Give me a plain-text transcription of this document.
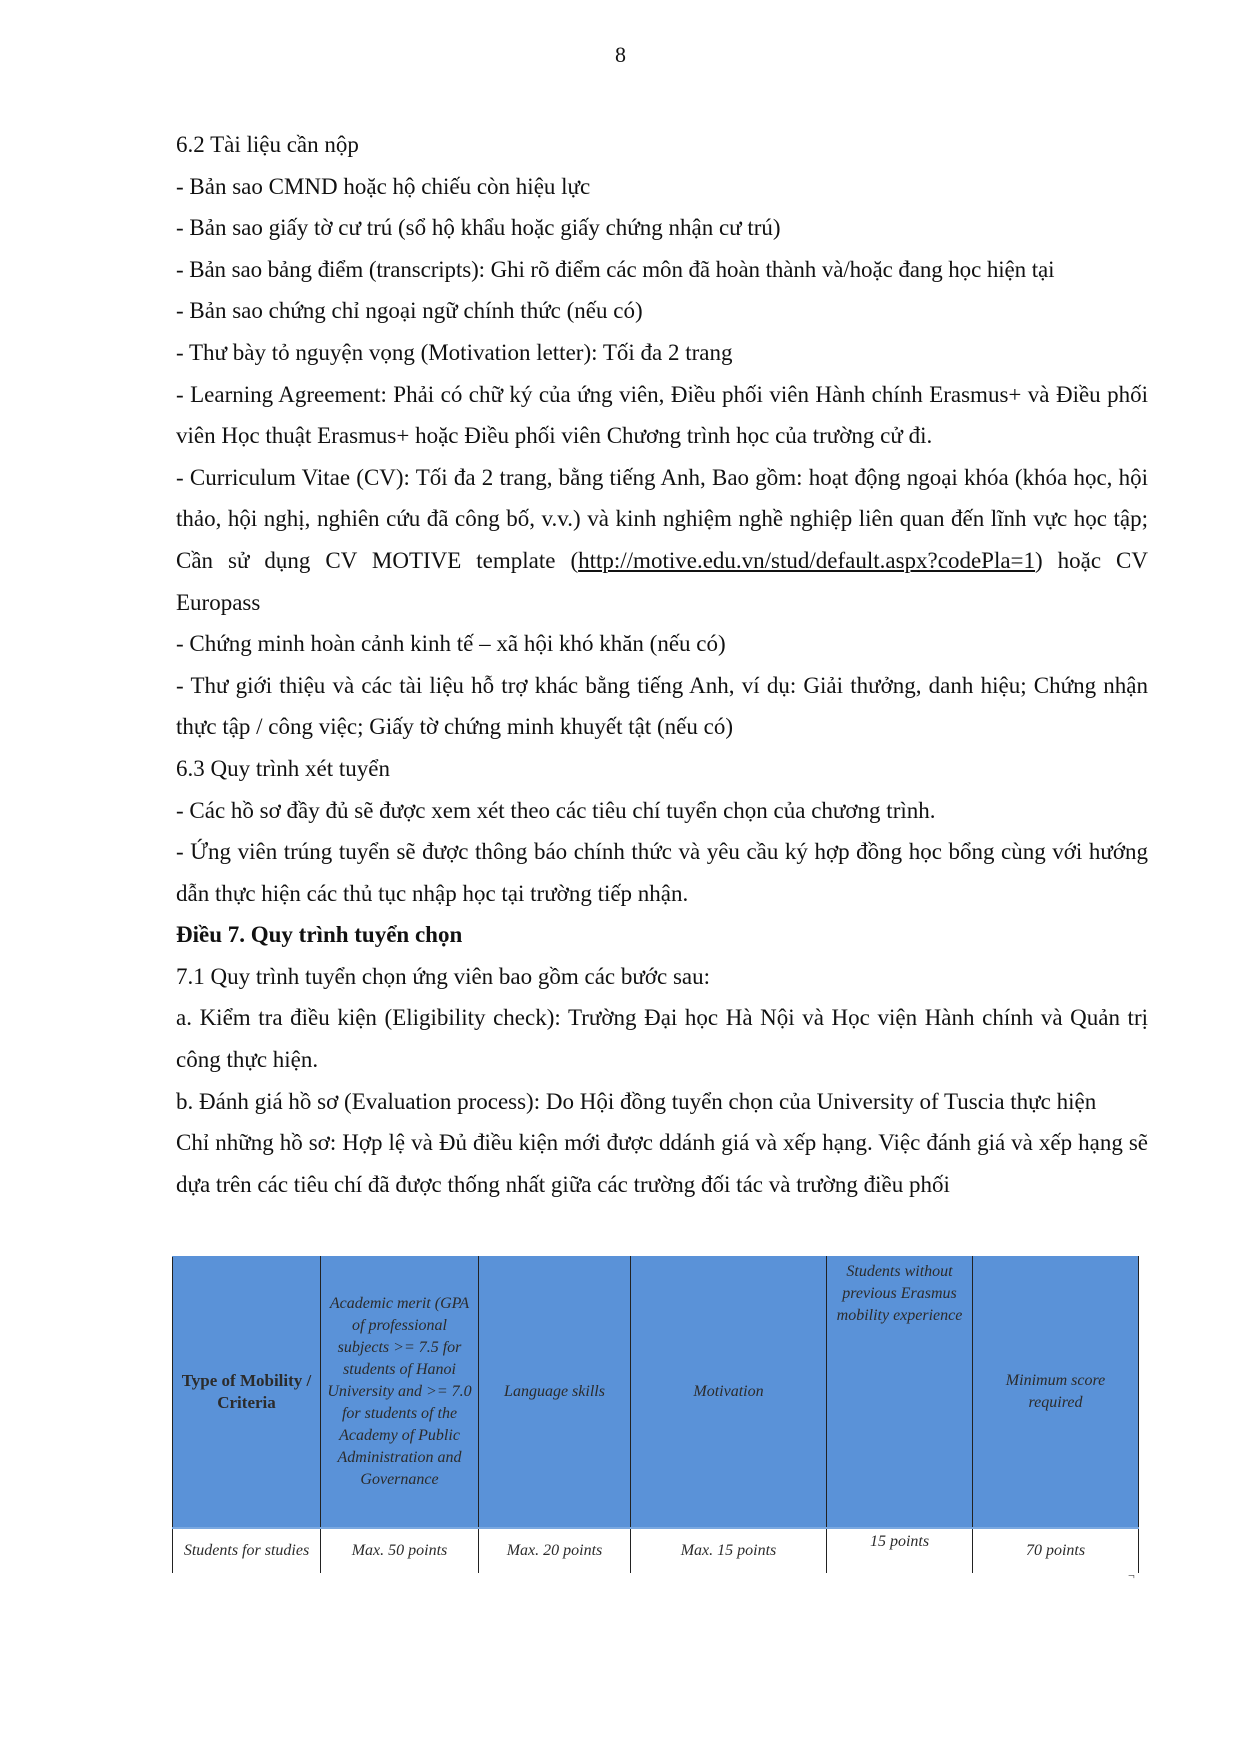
8

6.2 Tài liệu cần nộp

- Bản sao CMND hoặc hộ chiếu còn hiệu lực

- Bản sao giấy tờ cư trú (sổ hộ khẩu hoặc giấy chứng nhận cư trú)

- Bản sao bảng điểm (transcripts): Ghi rõ điểm các môn đã hoàn thành và/hoặc đang học hiện tại

- Bản sao chứng chỉ ngoại ngữ chính thức (nếu có)

- Thư bày tỏ nguyện vọng (Motivation letter): Tối đa 2 trang

- Learning Agreement: Phải có chữ ký của ứng viên, Điều phối viên Hành chính Erasmus+ và Điều phối viên Học thuật Erasmus+ hoặc Điều phối viên Chương trình học của trường cử đi.

- Curriculum Vitae (CV): Tối đa 2 trang, bằng tiếng Anh, Bao gồm: hoạt động ngoại khóa (khóa học, hội thảo, hội nghị, nghiên cứu đã công bố, v.v.) và kinh nghiệm nghề nghiệp liên quan đến lĩnh vực học tập; Cần sử dụng CV MOTIVE template (http://motive.edu.vn/stud/default.aspx?codePla=1) hoặc CV Europass

- Chứng minh hoàn cảnh kinh tế – xã hội khó khăn (nếu có)

- Thư giới thiệu và các tài liệu hỗ trợ khác bằng tiếng Anh, ví dụ: Giải thưởng, danh hiệu; Chứng nhận thực tập / công việc; Giấy tờ chứng minh khuyết tật (nếu có)

6.3 Quy trình xét tuyển

- Các hồ sơ đầy đủ sẽ được xem xét theo các tiêu chí tuyển chọn của chương trình.

- Ứng viên trúng tuyển sẽ được thông báo chính thức và yêu cầu ký hợp đồng học bổng cùng với hướng dẫn thực hiện các thủ tục nhập học tại trường tiếp nhận.

Điều 7. Quy trình tuyển chọn

7.1 Quy trình tuyển chọn ứng viên bao gồm các bước sau:

a. Kiểm tra điều kiện (Eligibility check): Trường Đại học Hà Nội và Học viện Hành chính và Quản trị công thực hiện.

b. Đánh giá hồ sơ (Evaluation process): Do Hội đồng tuyển chọn của University of Tuscia thực hiện

Chỉ những hồ sơ: Hợp lệ và Đủ điều kiện mới được ddánh giá và xếp hạng. Việc đánh giá và xếp hạng sẽ dựa trên các tiêu chí đã được thống nhất giữa các trường đối tác và trường điều phối

Type of Mobility / Criteria	Academic merit (GPA of professional subjects >= 7.5 for students of Hanoi University and >= 7.0 for students of the Academy of Public Administration and Governance	Language skills	Motivation	Students without previous Erasmus mobility experience	Minimum score required
Students for studies	Max. 50 points	Max. 20 points	Max. 15 points	15 points	70 points
¬
